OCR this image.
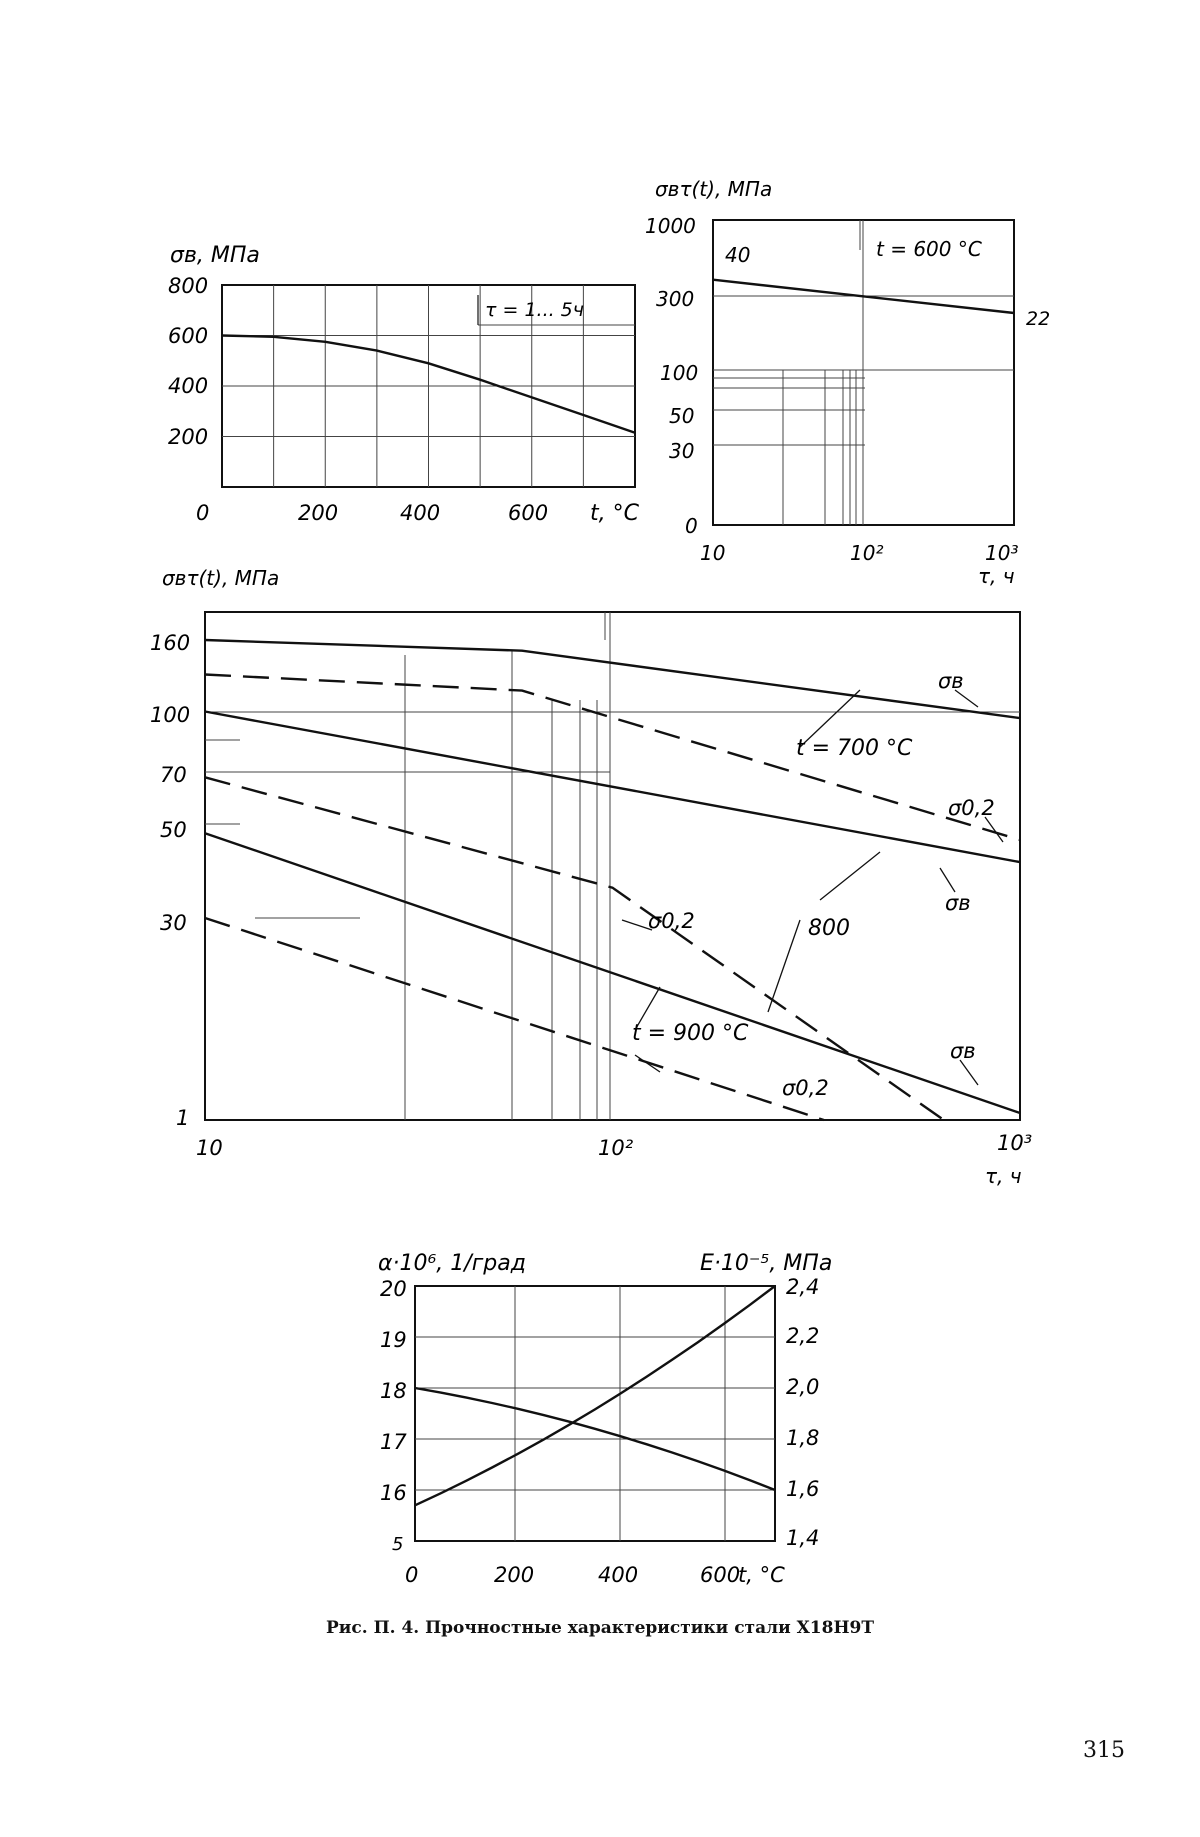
τ = 1... 5ч
σв, МПа
t, °C
0	200	400	600
200
400
600
800
40
22
t = 600 °C
σвτ(t), МПа
τ, ч
10	10²	10³
0
30
50
100
300
1000
σв
σ0,2
σв
σ0,2
σв
σ0,2
t = 700 °C
800
t = 900 °C
σвτ(t), МПа
τ, ч
10	10²	10³
1
30
50
70
100
160
α·10⁶, 1/град	E·10⁻⁵, МПа
t, °C
0	200	400	600
5
16
17
18
19
20
1,4
1,6
1,8
2,0
2,2
2,4
Рис. П. 4. Прочностные характеристики стали Х18Н9Т
315
